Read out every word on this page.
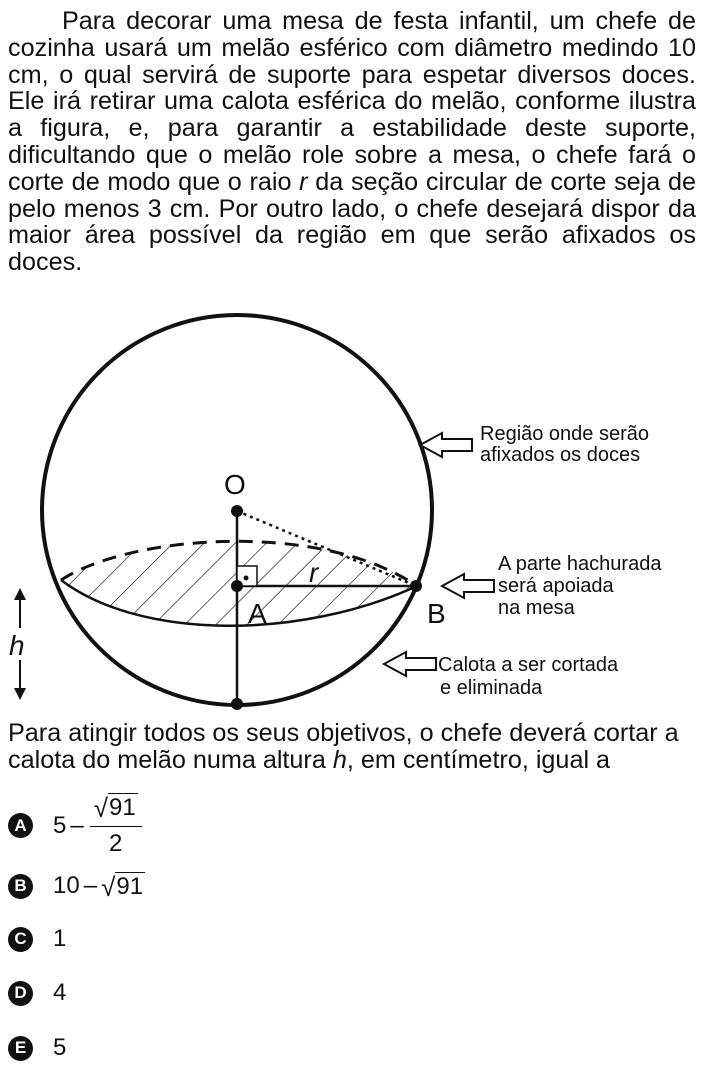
Para decorar uma mesa de festa infantil, um chefe de cozinha usará um melão esférico com diâmetro medindo 10 cm, o qual servirá de suporte para espetar diversos doces. Ele irá retirar uma calota esférica do melão, conforme ilustra a figura, e, para garantir a estabilidade deste suporte, dificultando que o melão role sobre a mesa, o chefe fará o corte de modo que o raio r da seção circular de corte seja de pelo menos 3 cm. Por outro lado, o chefe desejará dispor da maior área possível da região em que serão afixados os doces.

O
A	B
r
h
Região onde serão
afixados os doces
A parte hachurada
será apoiada
na mesa
Calota a ser cortada
e eliminada

Para atingir todos os seus objetivos, o chefe deverá cortar a calota do melão numa altura h, em centímetro, igual a

A $5 - \frac{√ 91}{2}$
B 10 – √ 91
C 1
D 4
E 5
